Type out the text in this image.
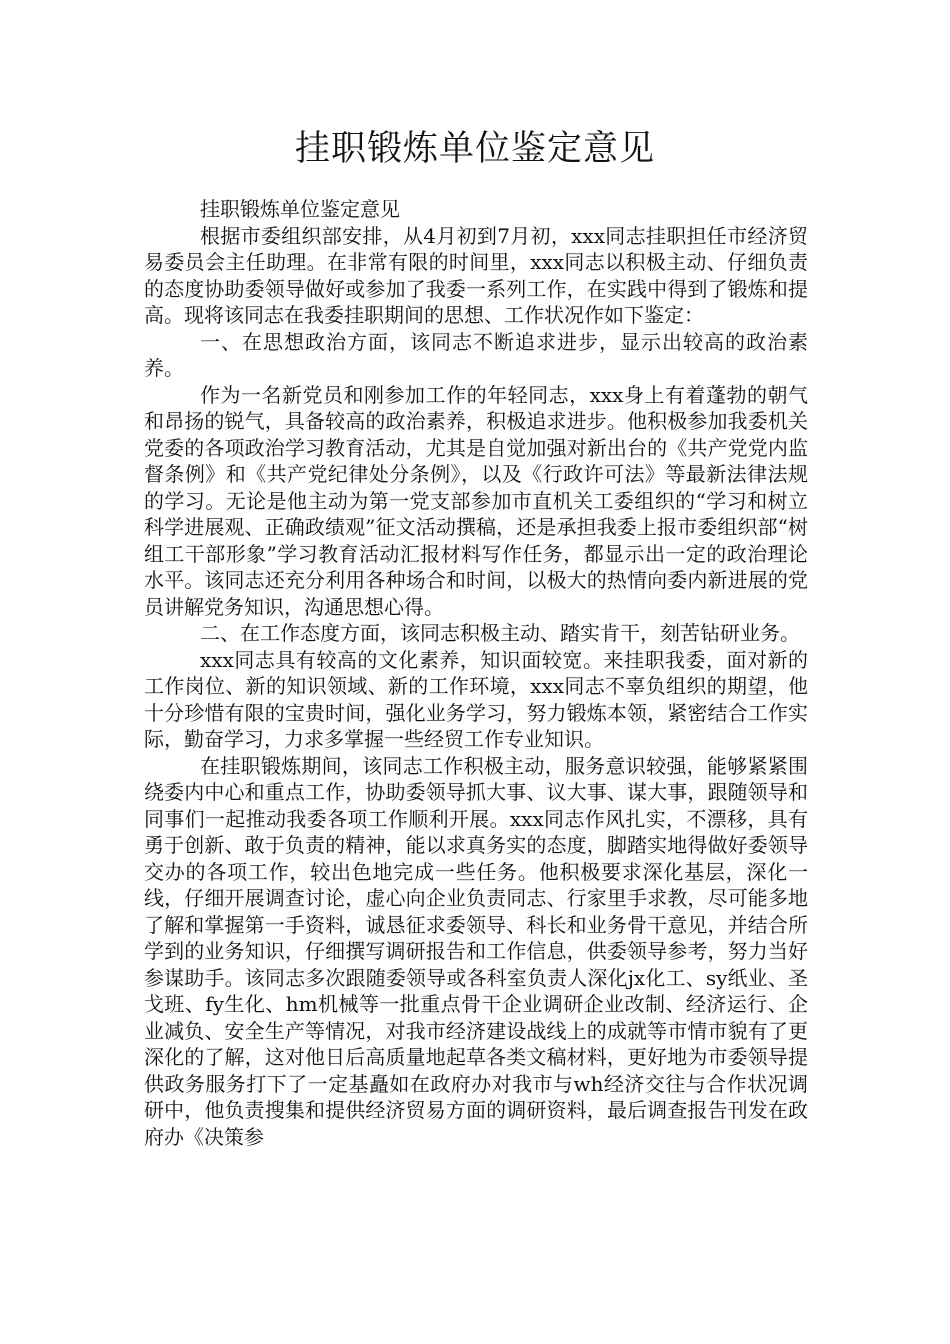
挂职锻炼单位鉴定意见

挂职锻炼单位鉴定意见

根据市委组织部安排，从4月初到7月初，xxx同志挂职担任市经济贸易委员会主任助理。在非常有限的时间里，xxx同志以积极主动、仔细负责的态度协助委领导做好或参加了我委一系列工作，在实践中得到了锻炼和提高。现将该同志在我委挂职期间的思想、工作状况作如下鉴定：

一、在思想政治方面，该同志不断追求进步，显示出较高的政治素养。

作为一名新党员和刚参加工作的年轻同志，xxx身上有着蓬勃的朝气和昂扬的锐气，具备较高的政治素养，积极追求进步。他积极参加我委机关党委的各项政治学习教育活动，尤其是自觉加强对新出台的《共产党党内监督条例》和《共产党纪律处分条例》，以及《行政许可法》等最新法律法规的学习。无论是他主动为第一党支部参加市直机关工委组织的“学习和树立科学进展观、正确政绩观”征文活动撰稿，还是承担我委上报市委组织部“树组工干部形象”学习教育活动汇报材料写作任务，都显示出一定的政治理论水平。该同志还充分利用各种场合和时间，以极大的热情向委内新进展的党员讲解党务知识，沟通思想心得。

二、在工作态度方面，该同志积极主动、踏实肯干，刻苦钻研业务。

xxx同志具有较高的文化素养，知识面较宽。来挂职我委，面对新的工作岗位、新的知识领域、新的工作环境，xxx同志不辜负组织的期望，他十分珍惜有限的宝贵时间，强化业务学习，努力锻炼本领，紧密结合工作实际，勤奋学习，力求多掌握一些经贸工作专业知识。

在挂职锻炼期间，该同志工作积极主动，服务意识较强，能够紧紧围绕委内中心和重点工作，协助委领导抓大事、议大事、谋大事，跟随领导和同事们一起推动我委各项工作顺利开展。xxx同志作风扎实，不漂移，具有勇于创新、敢于负责的精神，能以求真务实的态度，脚踏实地得做好委领导交办的各项工作，较出色地完成一些任务。他积极要求深化基层，深化一线，仔细开展调查讨论，虚心向企业负责同志、行家里手求教，尽可能多地了解和掌握第一手资料，诚恳征求委领导、科长和业务骨干意见，并结合所学到的业务知识，仔细撰写调研报告和工作信息，供委领导参考，努力当好参谋助手。该同志多次跟随委领导或各科室负责人深化jx化工、sy纸业、圣戈班、fy生化、hm机械等一批重点骨干企业调研企业改制、经济运行、企业减负、安全生产等情况，对我市经济建设战线上的成就等市情市貌有了更深化的了解，这对他日后高质量地起草各类文稿材料，更好地为市委领导提供政务服务打下了一定基矗如在政府办对我市与wh经济交往与合作状况调研中，他负责搜集和提供经济贸易方面的调研资料，最后调查报告刊发在政府办《决策参
